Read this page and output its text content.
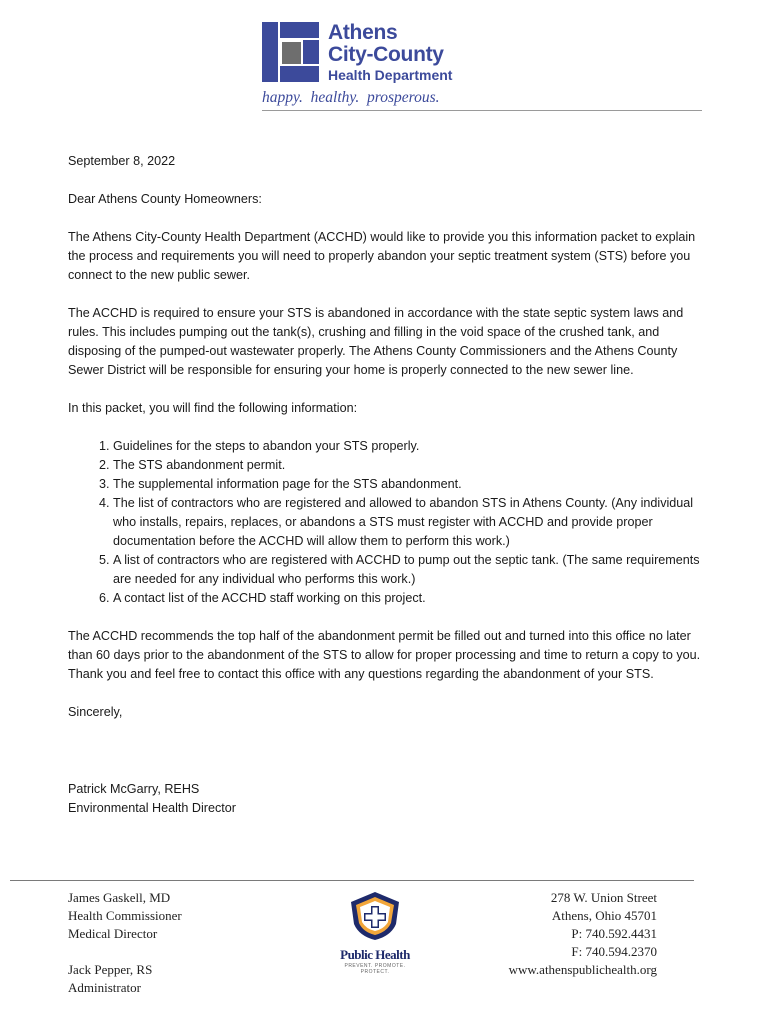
Athens
City-County
Health Department
happy.  healthy.  prosperous.

September 8, 2022

Dear Athens County Homeowners:

The Athens City-County Health Department (ACCHD) would like to provide you this information packet to explain the process and requirements you will need to properly abandon your septic treatment system (STS) before you connect to the new public sewer.

The ACCHD is required to ensure your STS is abandoned in accordance with the state septic system laws and rules. This includes pumping out the tank(s), crushing and filling in the void space of the crushed tank, and disposing of the pumped-out wastewater properly. The Athens County Commissioners and the Athens County Sewer District will be responsible for ensuring your home is properly connected to the new sewer line.

In this packet, you will find the following information:

1. Guidelines for the steps to abandon your STS properly.
2. The STS abandonment permit.
3. The supplemental information page for the STS abandonment.
4. The list of contractors who are registered and allowed to abandon STS in Athens County. (Any individual who installs, repairs, replaces, or abandons a STS must register with ACCHD and provide proper documentation before the ACCHD will allow them to perform this work.)
5. A list of contractors who are registered with ACCHD to pump out the septic tank. (The same requirements are needed for any individual who performs this work.)
6. A contact list of the ACCHD staff working on this project.

The ACCHD recommends the top half of the abandonment permit be filled out and turned into this office no later than 60 days prior to the abandonment of the STS to allow for proper processing and time to return a copy to you. Thank you and feel free to contact this office with any questions regarding the abandonment of your STS.

Sincerely,

Patrick McGarry, REHS

Environmental Health Director

James Gaskell, MD
Health Commissioner
Medical Director
Jack Pepper, RS
Administrator
Public Health
PREVENT. PROMOTE. PROTECT.
278 W. Union Street
Athens, Ohio 45701
P: 740.592.4431
F: 740.594.2370
www.athenspublichealth.org
